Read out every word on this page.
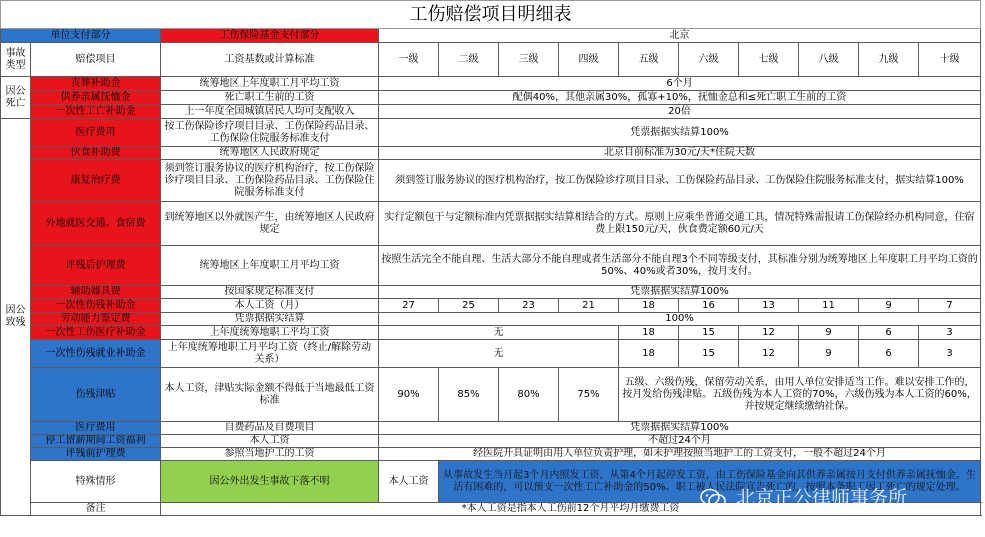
工伤赔偿项目明细表												
单位支付部分		工伤保险基金支付部分	北京									
事故类型	赔偿项目	工资基数或计算标准	一级	二级	三级	四级	五级	六级	七级	八级	九级	十级
因公死亡	丧葬补助金	统筹地区上年度职工月平均工资	6个月									
	供养亲属抚恤金	死亡职工生前的工资	配偶40%，其他亲属30%，孤寡+10%，抚恤金总和≤死亡职工生前的工资									
	一次性工亡补助金	上一年度全国城镇居民人均可支配收入	20倍									
因公致残	医疗费用	按工伤保险诊疗项目目录、工伤保险药品目录、工伤保险住院服务标准支付	凭票据据实结算100%									
	伙食补助费	统筹地区人民政府规定	北京目前标准为30元/天*住院天数									
	康复治疗费	须到签订服务协议的医疗机构治疗，按工伤保险诊疗项目目录、工伤保险药品目录、工伤保险住院服务标准支付	须到签订服务协议的医疗机构治疗，按工伤保险诊疗项目目录、工伤保险药品目录、工伤保险住院服务标准支付，据实结算100%									
	外地就医交通、食宿费	到统筹地区以外就医产生，由统筹地区人民政府规定	实行定额包干与定额标准内凭票据据实结算相结合的方式。原则上应乘坐普通交通工具，情况特殊需报请工伤保险经办机构同意，住宿费上限150元/天，伙食费定额60元/天									
	评残后护理费	统筹地区上年度职工月平均工资	按照生活完全不能自理、生活大部分不能自理或者生活部分不能自理3个不同等级支付，其标准分别为统筹地区上年度职工月平均工资的50%、40%或者30%，按月支付。									
	辅助器具费	按国家规定标准支付	凭票据据实结算100%									
	一次性伤残补助金	本人工资（月）	27	25	23	21	18	16	13	11	9	7
	劳动能力鉴定费	凭票据据实结算	100%									
	一次性工伤医疗补助金	上年度统筹地职工平均工资	无				18	15	12	9	6	3
	一次性伤残就业补助金	上年度统筹地职工月平均工资（终止/解除劳动关系）	无				18	15	12	9	6	3
	伤残津贴	本人工资，津贴实际金额不得低于当地最低工资标准	90%	85%	80%	75%	五级、六级伤残，保留劳动关系，由用人单位安排适当工作。难以安排工作的，按月发给伤残津贴。五级伤残为本人工资的70%，六级伤残为本人工资的60%，并按规定继续缴纳社保。					
	医疗费用	自费药品及自费项目	凭票据据实结算100%									
	停工留薪期间工资福利	本人工资	不超过24个月									
	评残前护理费	参照当地护工的工资	经医院开具证明由用人单位负责护理，如未护理按照当地护工的工资支付，一般不超过24个月									
	特殊情形	因公外出发生事故下落不明	本人工资	从事故发生当月起3个月内照发工资，从第4个月起停发工资，由工伤保险基金向其供养亲属按月支付供养亲属抚恤金。生活有困难的，可以预支一次性工亡补助金的50%。职工被人民法院宣告死亡的，按照本条职工因工死亡的规定处理。								
	备注	*本人工资是指本人工伤前12个月平均月缴费工资											北京正公律师事务所
